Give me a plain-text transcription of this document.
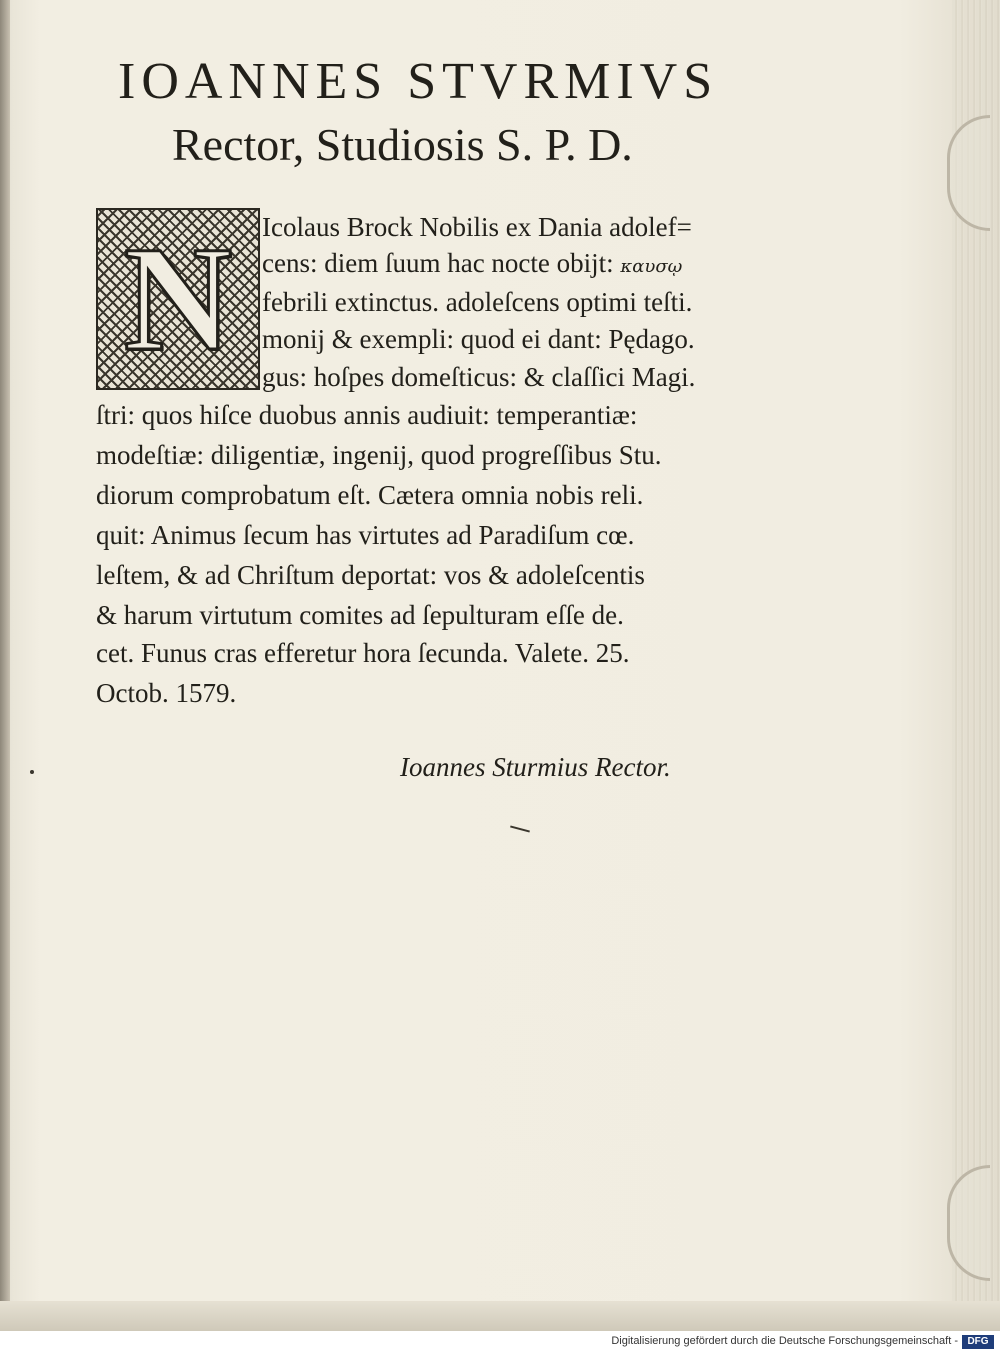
IOANNES STVRMIVS
Rector, Studiosis S. P. D.
N	Icolaus Brock Nobilis ex Dania adolef=
cens: diem ſuum hac nocte obijt: καυσῳ
febrili extinctus. adoleſcens optimi teſti.
monij & exempli: quod ei dant: Pędago.
gus: hoſpes domeſticus: & claſſici Magi.
ſtri: quos hiſce duobus annis audiuit: temperantiæ:
modeſtiæ: diligentiæ, ingenij, quod progreſſibus Stu.
diorum comprobatum eſt. Cætera omnia nobis reli.
quit: Animus ſecum has virtutes ad Paradiſum cœ.
leſtem, & ad Chriſtum deportat: vos & adoleſcentis
& harum virtutum comites ad ſepulturam eſſe de.
cet. Funus cras efferetur hora ſecunda. Valete. 25.
Octob. 1579.
Ioannes Sturmius Rector.
Digitalisierung gefördert durch die Deutsche Forschungsgemeinschaft - DFG
